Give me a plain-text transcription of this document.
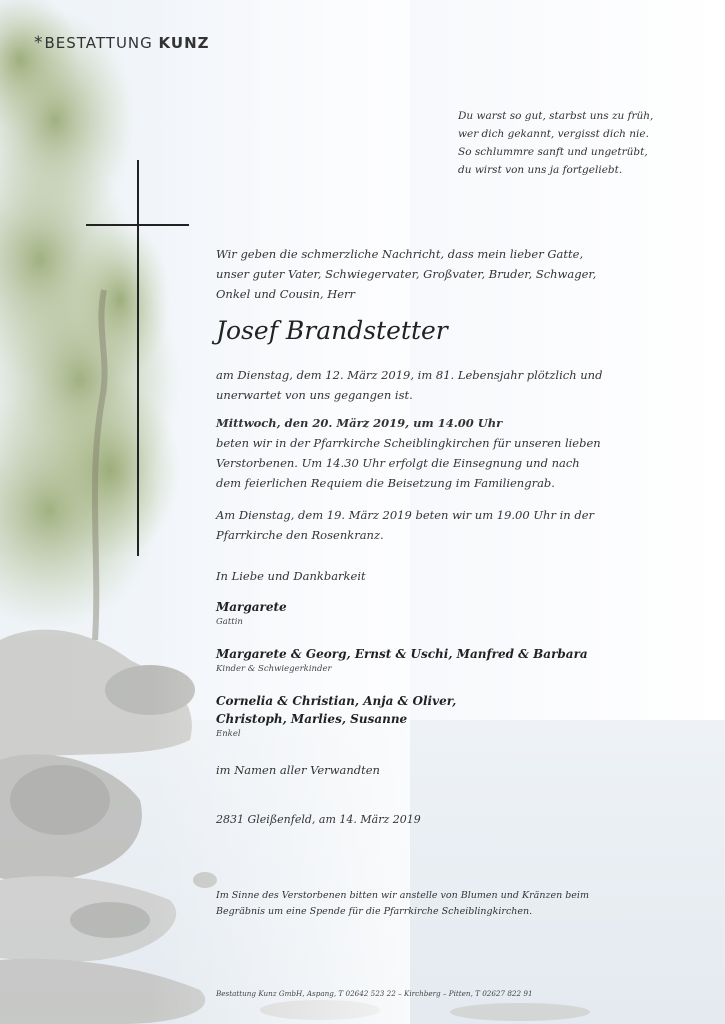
*BESTATTUNG KUNZ
Du warst so gut, starbst uns zu früh,
wer dich gekannt, vergisst dich nie.
So schlummre sanft und ungetrübt,
du wirst von uns ja fortgeliebt.
Wir geben die schmerzliche Nachricht, dass mein lieber Gatte, unser guter Vater, Schwiegervater, Großvater, Bruder, Schwager, Onkel und Cousin, Herr
Josef Brandstetter
am Dienstag, dem 12. März 2019, im 81. Lebensjahr plötzlich und unerwartet von uns gegangen ist.
Mittwoch, den 20. März 2019, um 14.00 Uhr
beten wir in der Pfarrkirche Scheiblingkirchen für unseren lieben Verstorbenen. Um 14.30 Uhr erfolgt die Einsegnung und nach dem feierlichen Requiem die Beisetzung im Familiengrab.
Am Dienstag, dem 19. März 2019 beten wir um 19.00 Uhr in der Pfarrkirche den Rosenkranz.
In Liebe und Dankbarkeit
Margarete
Gattin
Margarete & Georg, Ernst & Uschi, Manfred & Barbara
Kinder & Schwiegerkinder
Cornelia & Christian, Anja & Oliver,
Christoph, Marlies, Susanne
Enkel
im Namen aller Verwandten
2831 Gleißenfeld, am 14. März 2019
Im Sinne des Verstorbenen bitten wir anstelle von Blumen und Kränzen beim Begräbnis um eine Spende für die Pfarrkirche Scheiblingkirchen.
Bestattung Kunz GmbH, Aspang, T 02642 523 22 – Kirchberg – Pitten, T 02627 822 91
